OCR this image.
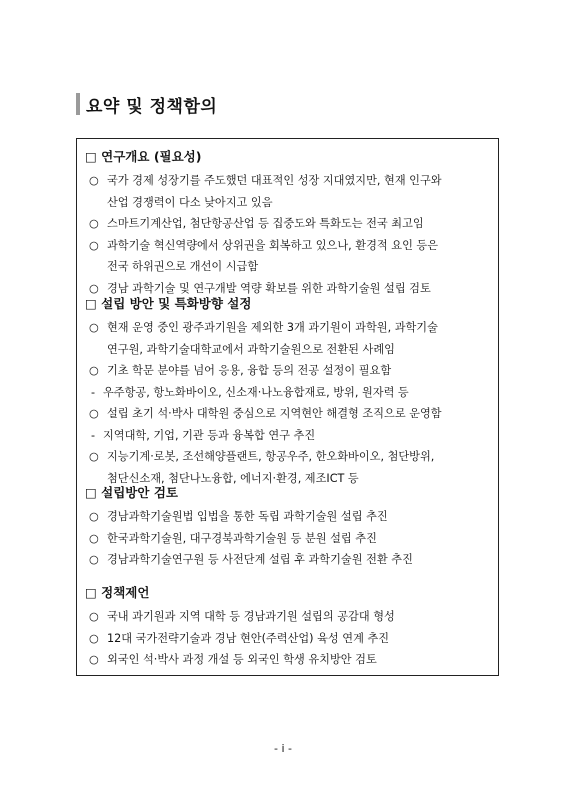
요약 및 정책함의
□ 연구개요 (필요성)
○ 국가 경제 성장기를 주도했던 대표적인 성장 지대였지만, 현재 인구와
산업 경쟁력이 다소 낮아지고 있음
○ 스마트기계산업, 첨단항공산업 등 집중도와 특화도는 전국 최고임
○ 과학기술 혁신역량에서 상위권을 회복하고 있으나, 환경적 요인 등은
전국 하위권으로 개선이 시급함
○ 경남 과학기술 및 연구개발 역량 확보를 위한 과학기술원 설립 검토
□ 설립 방안 및 특화방향 설정
○ 현재 운영 중인 광주과기원을 제외한 3개 과기원이 과학원, 과학기술
연구원, 과학기술대학교에서 과학기술원으로 전환된 사례임
○ 기초 학문 분야를 넘어 응용, 융합 등의 전공 설정이 필요함
- 우주항공, 항노화바이오, 신소재·나노융합재료, 방위, 원자력 등
○ 설립 초기 석·박사 대학원 중심으로 지역현안 해결형 조직으로 운영함
- 지역대학, 기업, 기관 등과 융복합 연구 추진
○ 지능기계·로봇, 조선해양플랜트, 항공우주, 한오화바이오, 첨단방위,
첨단신소재, 첨단나노융합, 에너지·환경, 제조ICT 등
□ 설립방안 검토
○ 경남과학기술원법 입법을 통한 독립 과학기술원 설립 추진
○ 한국과학기술원, 대구경북과학기술원 등 분원 설립 추진
○ 경남과학기술연구원 등 사전단계 설립 후 과학기술원 전환 추진
□ 정책제언
○ 국내 과기원과 지역 대학 등 경남과기원 설립의 공감대 형성
○ 12대 국가전략기술과 경남 현안(주력산업) 육성 연계 추진
○ 외국인 석·박사 과정 개설 등 외국인 학생 유치방안 검토
- i -
